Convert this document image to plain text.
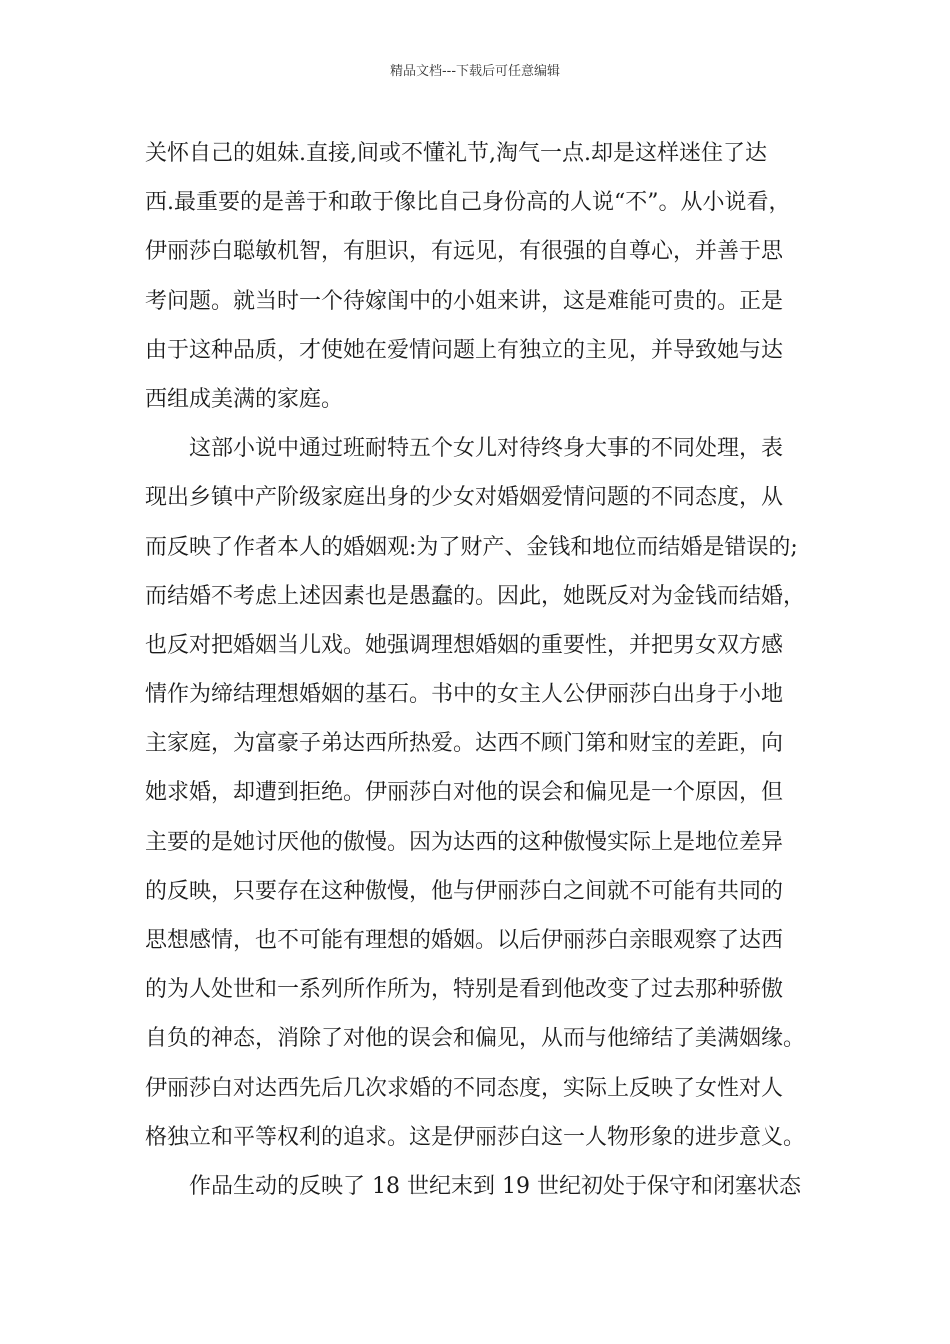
精品文档---下载后可任意编辑
关怀自己的姐妹.直接,间或不懂礼节,淘气一点.却是这样迷住了达
西.最重要的是善于和敢于像比自己身份高的人说“不”。从小说看，
伊丽莎白聪敏机智，有胆识，有远见，有很强的自尊心，并善于思
考问题。就当时一个待嫁闺中的小姐来讲，这是难能可贵的。正是
由于这种品质，才使她在爱情问题上有独立的主见，并导致她与达
西组成美满的家庭。
这部小说中通过班耐特五个女儿对待终身大事的不同处理，表
现出乡镇中产阶级家庭出身的少女对婚姻爱情问题的不同态度，从
而反映了作者本人的婚姻观:为了财产、金钱和地位而结婚是错误的;
而结婚不考虑上述因素也是愚蠢的。因此，她既反对为金钱而结婚，
也反对把婚姻当儿戏。她强调理想婚姻的重要性，并把男女双方感
情作为缔结理想婚姻的基石。书中的女主人公伊丽莎白出身于小地
主家庭，为富豪子弟达西所热爱。达西不顾门第和财宝的差距，向
她求婚，却遭到拒绝。伊丽莎白对他的误会和偏见是一个原因，但
主要的是她讨厌他的傲慢。因为达西的这种傲慢实际上是地位差异
的反映，只要存在这种傲慢，他与伊丽莎白之间就不可能有共同的
思想感情，也不可能有理想的婚姻。以后伊丽莎白亲眼观察了达西
的为人处世和一系列所作所为，特别是看到他改变了过去那种骄傲
自负的神态，消除了对他的误会和偏见，从而与他缔结了美满姻缘。
伊丽莎白对达西先后几次求婚的不同态度，实际上反映了女性对人
格独立和平等权利的追求。这是伊丽莎白这一人物形象的进步意义。
作品生动的反映了 18 世纪末到 19 世纪初处于保守和闭塞状态
